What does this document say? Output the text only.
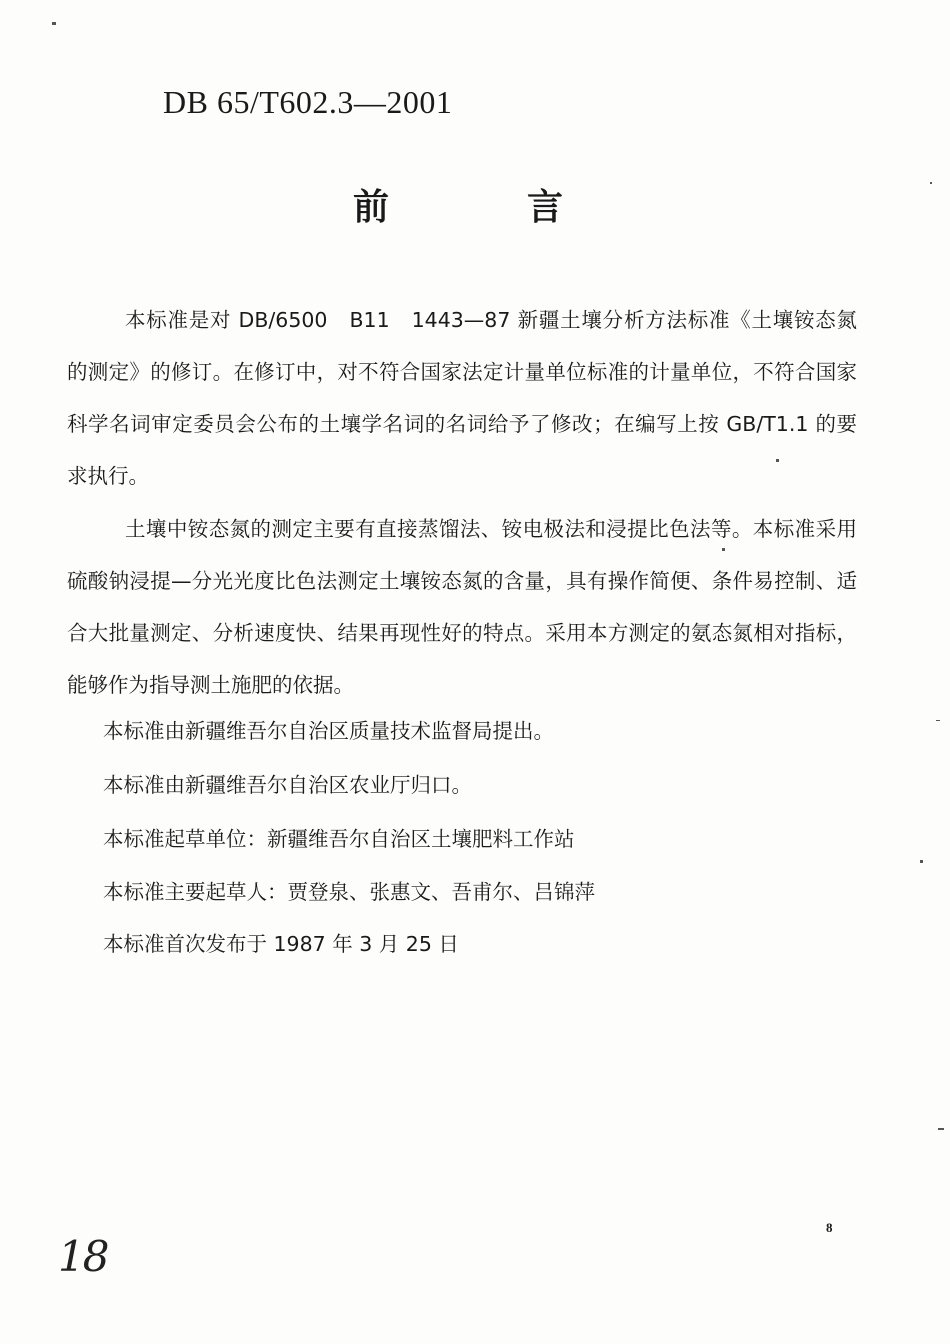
DB 65/T602.3—2001
前	言

本标准是对 DB/6500　B11　1443—87 新疆土壤分析方法标准《土壤铵态氮的测定》的修订。在修订中，对不符合国家法定计量单位标准的计量单位，不符合国家科学名词审定委员会公布的土壤学名词的名词给予了修改；在编写上按 GB/T1.1 的要求执行。

土壤中铵态氮的测定主要有直接蒸馏法、铵电极法和浸提比色法等。本标准采用硫酸钠浸提—分光光度比色法测定土壤铵态氮的含量，具有操作简便、条件易控制、适合大批量测定、分析速度快、结果再现性好的特点。采用本方测定的氨态氮相对指标，能够作为指导测土施肥的依据。

本标准由新疆维吾尔自治区质量技术监督局提出。
本标准由新疆维吾尔自治区农业厅归口。
本标准起草单位：新疆维吾尔自治区土壤肥料工作站
本标准主要起草人：贾登泉、张惠文、吾甫尔、吕锦萍
本标准首次发布于 1987 年 3 月 25 日
8
18
